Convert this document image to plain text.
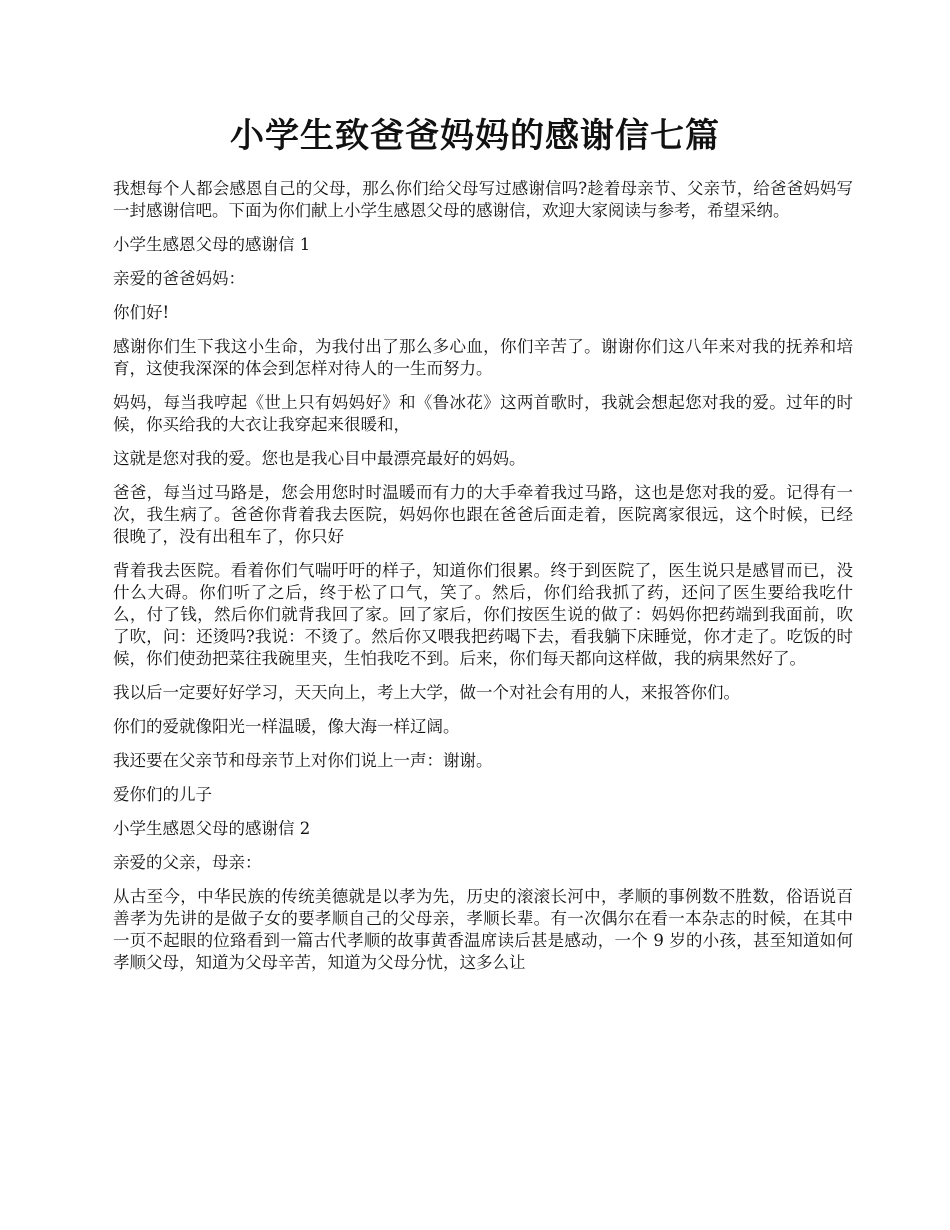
小学生致爸爸妈妈的感谢信七篇

我想每个人都会感恩自己的父母，那么你们给父母写过感谢信吗?趁着母亲节、父亲节，给爸爸妈妈写一封感谢信吧。下面为你们献上小学生感恩父母的感谢信，欢迎大家阅读与参考，希望采纳。

小学生感恩父母的感谢信 1

亲爱的爸爸妈妈：

你们好!

感谢你们生下我这小生命，为我付出了那么多心血，你们辛苦了。谢谢你们这八年来对我的抚养和培育，这使我深深的体会到怎样对待人的一生而努力。

妈妈，每当我哼起《世上只有妈妈好》和《鲁冰花》这两首歌时，我就会想起您对我的爱。过年的时候，你买给我的大衣让我穿起来很暖和，

这就是您对我的爱。您也是我心目中最漂亮最好的妈妈。

爸爸，每当过马路是，您会用您时时温暖而有力的大手牵着我过马路，这也是您对我的爱。记得有一次，我生病了。爸爸你背着我去医院，妈妈你也跟在爸爸后面走着，医院离家很远，这个时候，已经很晚了，没有出租车了，你只好

背着我去医院。看着你们气喘吁吁的样子，知道你们很累。终于到医院了，医生说只是感冒而已，没什么大碍。你们听了之后，终于松了口气，笑了。然后，你们给我抓了药，还问了医生要给我吃什么，付了钱，然后你们就背我回了家。回了家后，你们按医生说的做了：妈妈你把药端到我面前，吹了吹，问：还烫吗?我说：不烫了。然后你又喂我把药喝下去，看我躺下床睡觉，你才走了。吃饭的时候，你们使劲把菜往我碗里夹，生怕我吃不到。后来，你们每天都向这样做，我的病果然好了。

我以后一定要好好学习，天天向上，考上大学，做一个对社会有用的人，来报答你们。

你们的爱就像阳光一样温暖，像大海一样辽阔。

我还要在父亲节和母亲节上对你们说上一声：谢谢。

爱你们的儿子

小学生感恩父母的感谢信 2

亲爱的父亲，母亲：

从古至今，中华民族的传统美德就是以孝为先，历史的滚滚长河中，孝顺的事例数不胜数，俗语说百善孝为先讲的是做子女的要孝顺自己的父母亲，孝顺长辈。有一次偶尔在看一本杂志的时候，在其中一页不起眼的位臵看到一篇古代孝顺的故事黄香温席读后甚是感动，一个 9 岁的小孩，甚至知道如何孝顺父母，知道为父母辛苦，知道为父母分忧，这多么让
